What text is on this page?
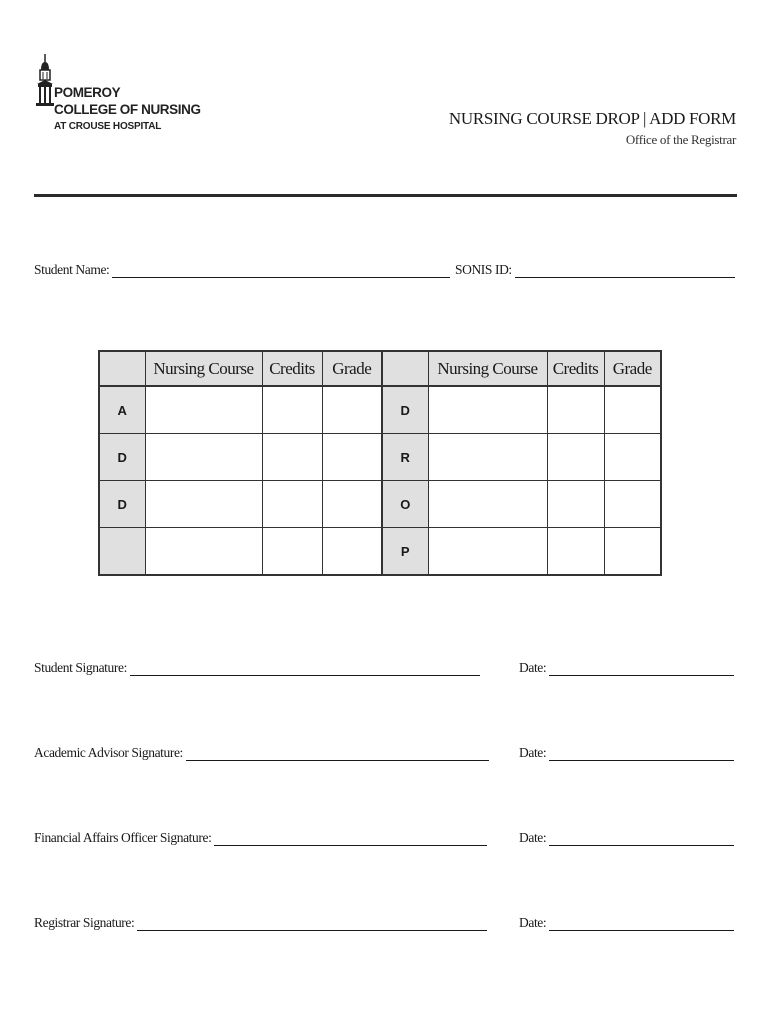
POMEROY
COLLEGE OF NURSING
AT CROUSE HOSPITAL	NURSING COURSE DROP | ADD FORM
Office of the Registrar
Student Name:	SONIS ID:
	Nursing Course	Credits	Grade		Nursing Course	Credits	Grade
A				D			
D				R			
D				O			
				P			
Student Signature:	Date:
Academic Advisor Signature:	Date:
Financial Affairs Officer Signature:	Date:
Registrar Signature:	Date:
